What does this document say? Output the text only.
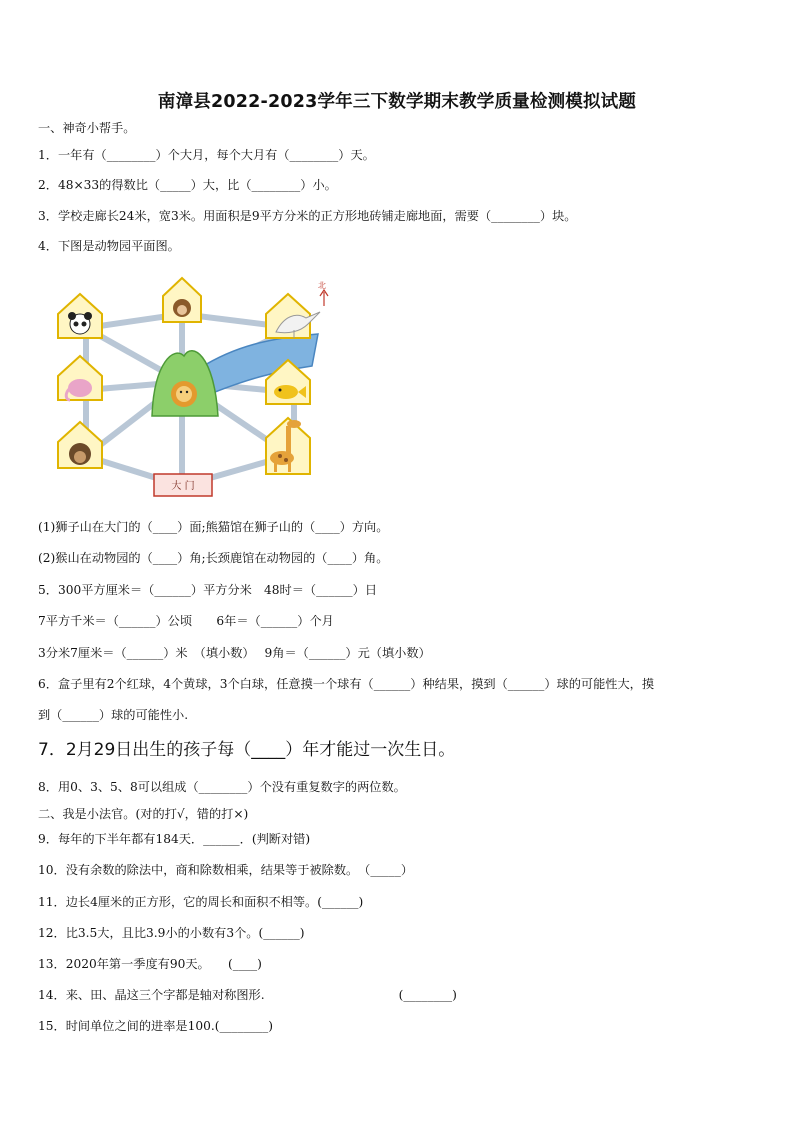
南漳县2022-2023学年三下数学期末教学质量检测模拟试题
一、神奇小帮手。
1．一年有（________）个大月，每个大月有（________）天。
2．48×33的得数比（_____）大，比（________）小。
3．学校走廊长24米，宽3米。用面积是9平方分米的正方形地砖铺走廊地面，需要（________）块。
4．下图是动物园平面图。
北
大 门
(1)狮子山在大门的（____）面;熊猫馆在狮子山的（____）方向。
(2)猴山在动物园的（____）角;长颈鹿馆在动物园的（____）角。
5．300平方厘米＝（______）平方分米　48时＝（______）日
7平方千米＝（______）公顷　　6年＝（______）个月
3分米7厘米＝（______）米　（填小数）　 9角＝（______）元（填小数）
6．盒子里有2个红球，4个黄球，3个白球，任意摸一个球有（______）种结果，摸到（______）球的可能性大，摸
到（______）球的可能性小.
7．2月29日出生的孩子每（____）年才能过一次生日。
8．用0、3、5、8可以组成（________）个没有重复数字的两位数。
二、我是小法官。(对的打√，错的打×)
9．每年的下半年都有184天．______．(判断对错)
10．没有余数的除法中，商和除数相乘，结果等于被除数。　（_____）
11．边长4厘米的正方形，它的周长和面积不相等。(______)
12．比3.5大，且比3.9小的小数有3个。(______)
13．2020年第一季度有90天。　　(____)
14．来、田、晶这三个字都是轴对称图形.　　　　　　　　　　　(________)
15．时间单位之间的进率是100.(________)
